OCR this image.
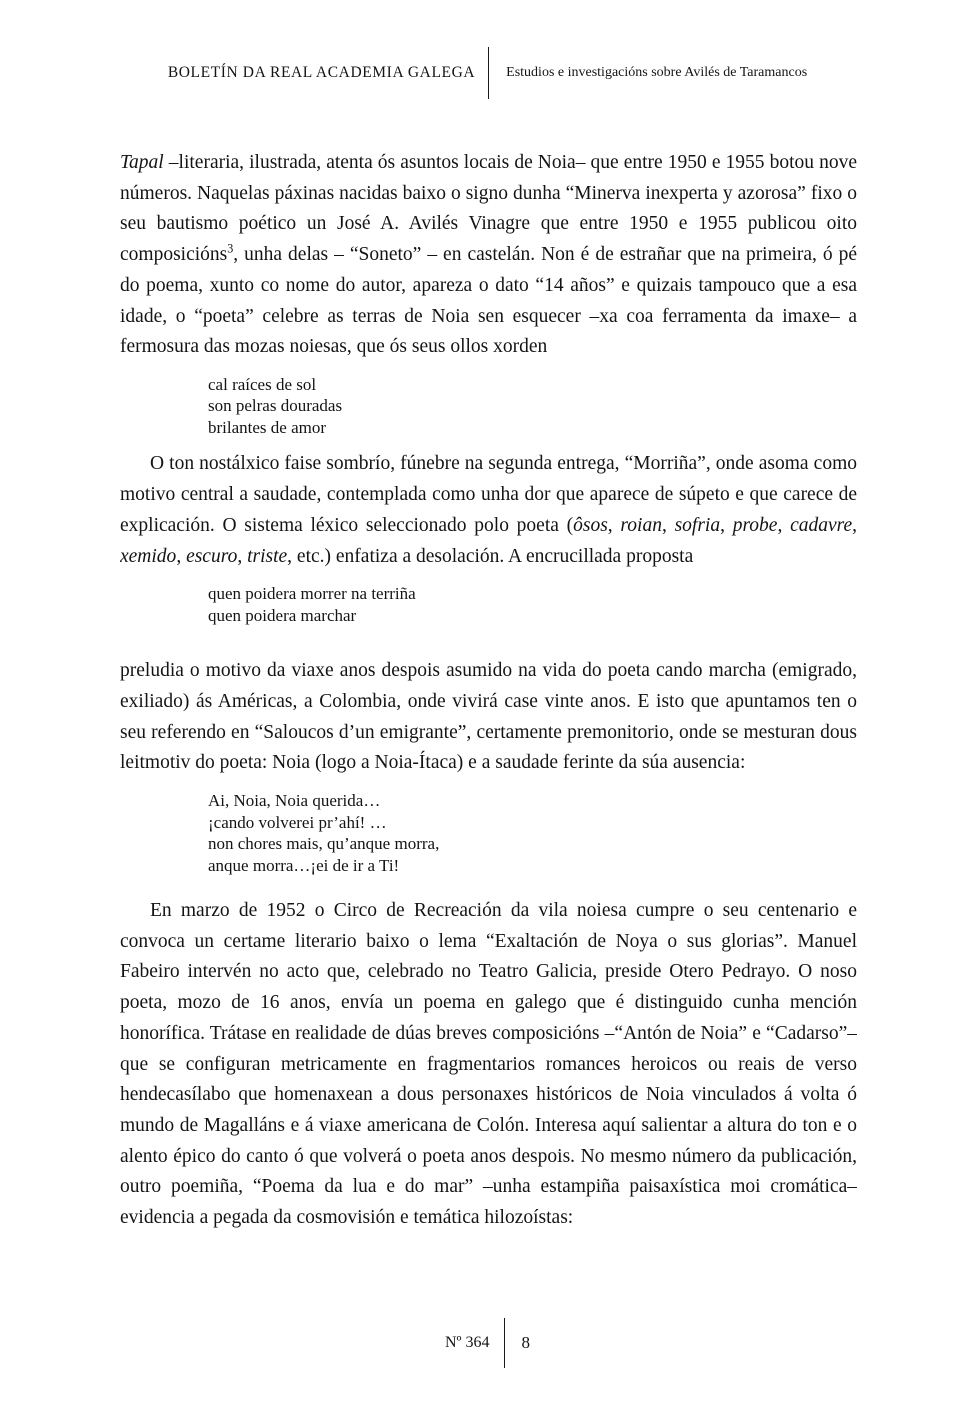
BOLETÍN DA REAL ACADEMIA GALEGA	Estudios e investigacións sobre Avilés de Taramancos

Tapal –literaria, ilustrada, atenta ós asuntos locais de Noia– que entre 1950 e 1955 botou nove números. Naquelas páxinas nacidas baixo o signo dunha “Minerva inexperta y azorosa” fixo o seu bautismo poético un José A. Avilés Vinagre que entre 1950 e 1955 publicou oito composicións$^3$, unha delas – “Soneto” – en castelán. Non é de estrañar que na primeira, ó pé do poema, xunto co nome do autor, apareza o dato “14 años” e quizais tampouco que a esa idade, o “poeta” celebre as terras de Noia sen esquecer –xa coa ferramenta da imaxe– a fermosura das mozas noiesas, que ós seus ollos xorden

cal raíces de sol
son pelras douradas
brilantes de amor

O ton nostálxico faise sombrío, fúnebre na segunda entrega, “Morriña”, onde asoma como motivo central a saudade, contemplada como unha dor que aparece de súpeto e que carece de explicación. O sistema léxico seleccionado polo poeta (ôsos, roian, sofria, probe, cadavre, xemido, escuro, triste, etc.) enfatiza a desolación. A encrucillada proposta

quen poidera morrer na terriña
quen poidera marchar

preludia o motivo da viaxe anos despois asumido na vida do poeta cando marcha (emigrado, exiliado) ás Américas, a Colombia, onde vivirá case vinte anos. E isto que apuntamos ten o seu referendo en “Saloucos d’un emigrante”, certamente premonitorio, onde se mesturan dous leitmotiv do poeta: Noia (logo a Noia-Ítaca) e a saudade ferinte da súa ausencia:

Ai, Noia, Noia querida…
¡cando volverei pr’ahí! …
non chores mais, qu’anque morra,
anque morra…¡ei de ir a Ti!

En marzo de 1952 o Circo de Recreación da vila noiesa cumpre o seu centenario e convoca un certame literario baixo o lema “Exaltación de Noya o sus glorias”. Manuel Fabeiro intervén no acto que, celebrado no Teatro Galicia, preside Otero Pedrayo. O noso poeta, mozo de 16 anos, envía un poema en galego que é distinguido cunha mención honorífica. Trátase en realidade de dúas breves composicións –“Antón de Noia” e “Cadarso”– que se configuran metricamente en fragmentarios romances heroicos ou reais de verso hendecasílabo que homenaxean a dous personaxes históricos de Noia vinculados á volta ó mundo de Magalláns e á viaxe americana de Colón. Interesa aquí salientar a altura do ton e o alento épico do canto ó que volverá o poeta anos despois. No mesmo número da publicación, outro poemiña, “Poema da lua e do mar” –unha estampiña paisaxística moi cromática– evidencia a pegada da cosmovisión e temática hilozoístas:

Nº 364	8
